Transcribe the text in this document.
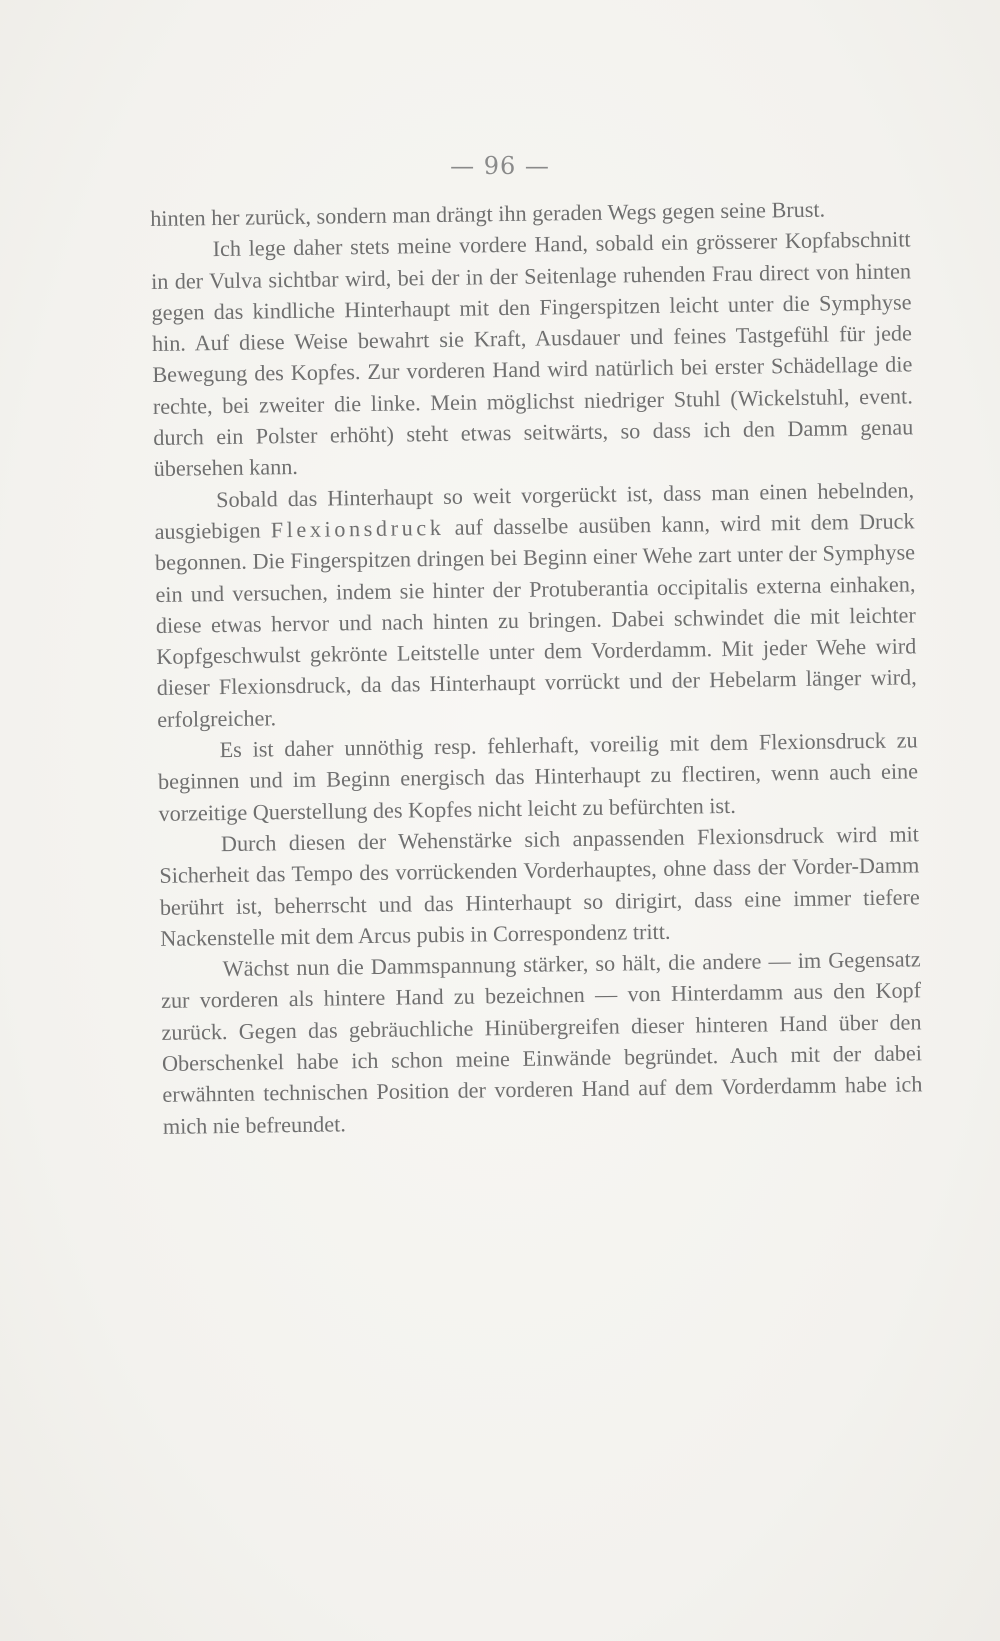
— 96 —

hinten her zurück, sondern man drängt ihn geraden Wegs gegen seine Brust.

Ich lege daher stets meine vordere Hand, sobald ein grösserer Kopfabschnitt in der Vulva sichtbar wird, bei der in der Seitenlage ruhenden Frau direct von hinten gegen das kindliche Hinterhaupt mit den Fingerspitzen leicht unter die Symphyse hin. Auf diese Weise bewahrt sie Kraft, Ausdauer und feines Tastgefühl für jede Bewegung des Kopfes. Zur vorderen Hand wird natürlich bei erster Schädellage die rechte, bei zweiter die linke. Mein möglichst niedriger Stuhl (Wickelstuhl, event. durch ein Polster erhöht) steht etwas seitwärts, so dass ich den Damm genau übersehen kann.

Sobald das Hinterhaupt so weit vorgerückt ist, dass man einen hebelnden, ausgiebigen Flexionsdruck auf dasselbe ausüben kann, wird mit dem Druck begonnen. Die Fingerspitzen dringen bei Beginn einer Wehe zart unter der Symphyse ein und versuchen, indem sie hinter der Protuberantia occipitalis externa einhaken, diese etwas hervor und nach hinten zu bringen. Dabei schwindet die mit leichter Kopfgeschwulst gekrönte Leitstelle unter dem Vorderdamm. Mit jeder Wehe wird dieser Flexionsdruck, da das Hinterhaupt vorrückt und der Hebelarm länger wird, erfolgreicher.

Es ist daher unnöthig resp. fehlerhaft, voreilig mit dem Flexionsdruck zu beginnen und im Beginn energisch das Hinterhaupt zu flectiren, wenn auch eine vorzeitige Querstellung des Kopfes nicht leicht zu befürchten ist.

Durch diesen der Wehenstärke sich anpassenden Flexionsdruck wird mit Sicherheit das Tempo des vorrückenden Vorderhauptes, ohne dass der Vorder-Damm berührt ist, beherrscht und das Hinterhaupt so dirigirt, dass eine immer tiefere Nackenstelle mit dem Arcus pubis in Correspondenz tritt.

Wächst nun die Dammspannung stärker, so hält, die andere — im Gegensatz zur vorderen als hintere Hand zu bezeichnen — von Hinterdamm aus den Kopf zurück. Gegen das gebräuchliche Hinübergreifen dieser hinteren Hand über den Oberschenkel habe ich schon meine Einwände begründet. Auch mit der dabei erwähnten technischen Position der vorderen Hand auf dem Vorderdamm habe ich mich nie befreundet.
